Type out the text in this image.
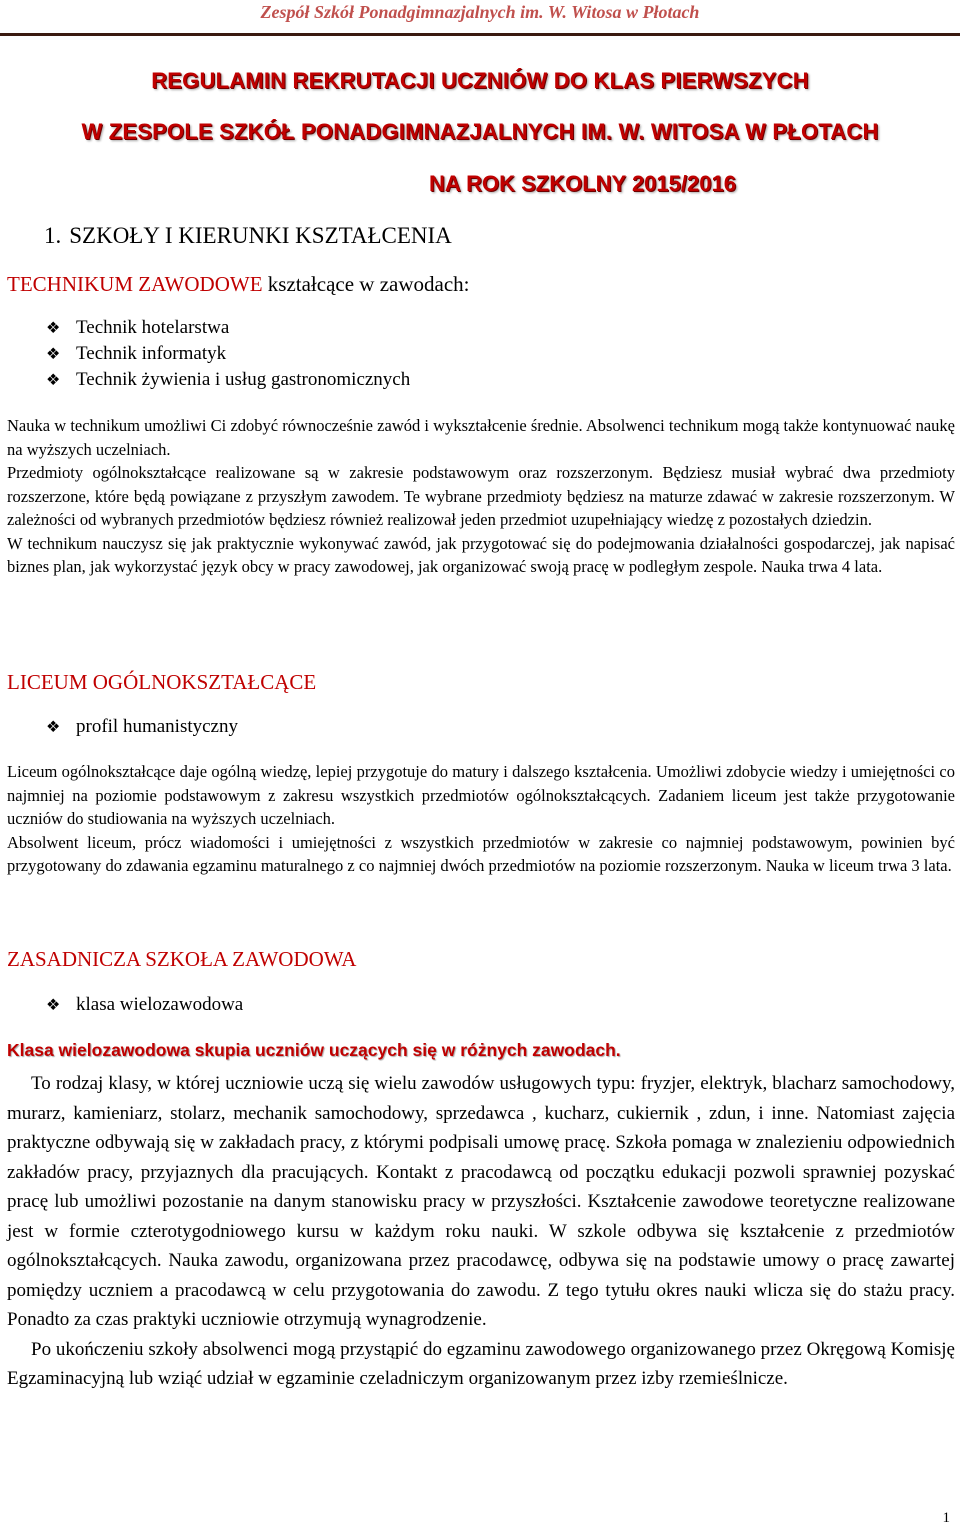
Zespół Szkół Ponadgimnazjalnych im. W. Witosa w Płotach
REGULAMIN REKRUTACJI UCZNIÓW DO KLAS PIERWSZYCH
W ZESPOLE SZKÓŁ PONADGIMNAZJALNYCH IM. W. WITOSA W PŁOTACH
NA ROK SZKOLNY 2015/2016
1. SZKOŁY I KIERUNKI KSZTAŁCENIA
TECHNIKUM ZAWODOWE kształcące w zawodach:
❖ Technik hotelarstwa
❖ Technik informatyk
❖ Technik żywienia i usług gastronomicznych

Nauka w technikum umożliwi Ci zdobyć równocześnie zawód i wykształcenie średnie. Absolwenci technikum mogą także kontynuować naukę na wyższych uczelniach.

Przedmioty ogólnokształcące realizowane są w zakresie podstawowym oraz rozszerzonym. Będziesz musiał wybrać dwa przedmioty rozszerzone, które będą powiązane z przyszłym zawodem. Te wybrane przedmioty będziesz na maturze zdawać w zakresie rozszerzonym. W zależności od wybranych przedmiotów będziesz również realizował jeden przedmiot uzupełniający wiedzę z pozostałych dziedzin.

W technikum nauczysz się jak praktycznie wykonywać zawód, jak przygotować się do podejmowania działalności gospodarczej, jak napisać biznes plan, jak wykorzystać język obcy w pracy zawodowej, jak organizować swoją pracę w podległym zespole. Nauka trwa 4 lata.

LICEUM OGÓLNOKSZTAŁCĄCE
❖ profil humanistyczny

Liceum ogólnokształcące daje ogólną wiedzę, lepiej przygotuje do matury i dalszego kształcenia. Umożliwi zdobycie wiedzy i umiejętności co najmniej na poziomie podstawowym z zakresu wszystkich przedmiotów ogólnokształcących. Zadaniem liceum jest także przygotowanie uczniów do studiowania na wyższych uczelniach.

Absolwent liceum, prócz wiadomości i umiejętności z wszystkich przedmiotów w zakresie co najmniej podstawowym, powinien być przygotowany do zdawania egzaminu maturalnego z co najmniej dwóch przedmiotów na poziomie rozszerzonym. Nauka w liceum trwa 3 lata.

ZASADNICZA SZKOŁA ZAWODOWA
❖ klasa wielozawodowa
Klasa wielozawodowa skupia uczniów uczących się w różnych zawodach.

To rodzaj klasy, w której uczniowie uczą się wielu zawodów usługowych typu: fryzjer, elektryk, blacharz samochodowy, murarz, kamieniarz, stolarz, mechanik samochodowy, sprzedawca , kucharz, cukiernik , zdun, i inne. Natomiast zajęcia praktyczne odbywają się w zakładach pracy, z którymi podpisali umowę pracę. Szkoła pomaga w znalezieniu odpowiednich zakładów pracy, przyjaznych dla pracujących. Kontakt z pracodawcą od początku edukacji pozwoli sprawniej pozyskać pracę lub umożliwi pozostanie na danym stanowisku pracy w przyszłości. Kształcenie zawodowe teoretyczne realizowane jest w formie czterotygodniowego kursu w każdym roku nauki. W szkole odbywa się kształcenie z przedmiotów ogólnokształcących. Nauka zawodu, organizowana przez pracodawcę, odbywa się na podstawie umowy o pracę zawartej pomiędzy uczniem a pracodawcą w celu przygotowania do zawodu. Z tego tytułu okres nauki wlicza się do stażu pracy. Ponadto za czas praktyki uczniowie otrzymują wynagrodzenie.

Po ukończeniu szkoły absolwenci mogą przystąpić do egzaminu zawodowego organizowanego przez Okręgową Komisję Egzaminacyjną lub wziąć udział w egzaminie czeladniczym organizowanym przez izby rzemieślnicze.

1
